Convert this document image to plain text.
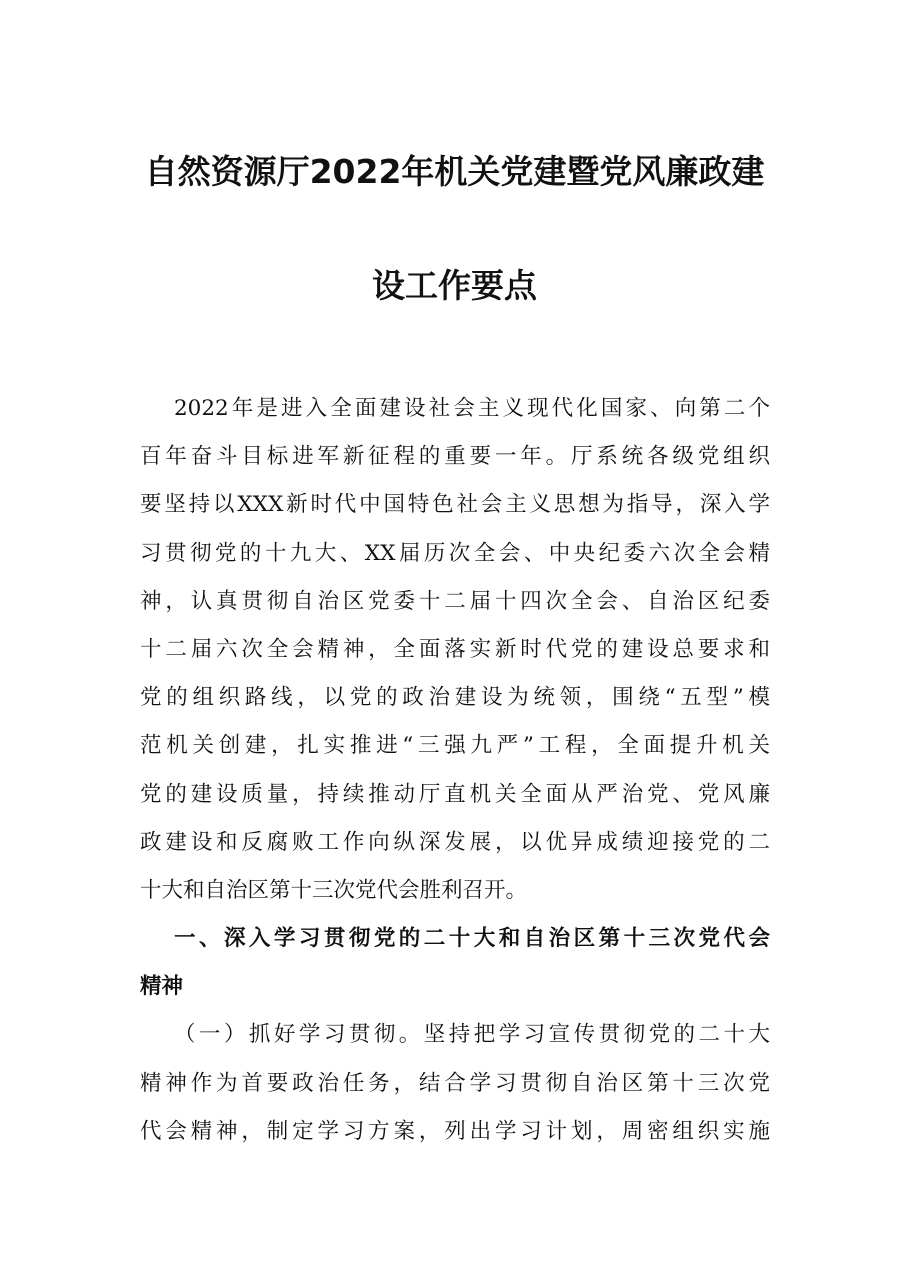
自然资源厅2022年机关党建暨党风廉政建
设工作要点
2022年是进入全面建设社会主义现代化国家、向第二个
百年奋斗目标进军新征程的重要一年。厅系统各级党组织
要坚持以XXX新时代中国特色社会主义思想为指导，深入学
习贯彻党的十九大、XX届历次全会、中央纪委六次全会精
神，认真贯彻自治区党委十二届十四次全会、自治区纪委
十二届六次全会精神，全面落实新时代党的建设总要求和
党的组织路线，以党的政治建设为统领，围绕“五型”模
范机关创建，扎实推进“三强九严”工程，全面提升机关
党的建设质量，持续推动厅直机关全面从严治党、党风廉
政建设和反腐败工作向纵深发展，以优异成绩迎接党的二
十大和自治区第十三次党代会胜利召开。
一、深入学习贯彻党的二十大和自治区第十三次党代会
精神
（一）抓好学习贯彻。坚持把学习宣传贯彻党的二十大
精神作为首要政治任务，结合学习贯彻自治区第十三次党
代会精神，制定学习方案，列出学习计划，周密组织实施
